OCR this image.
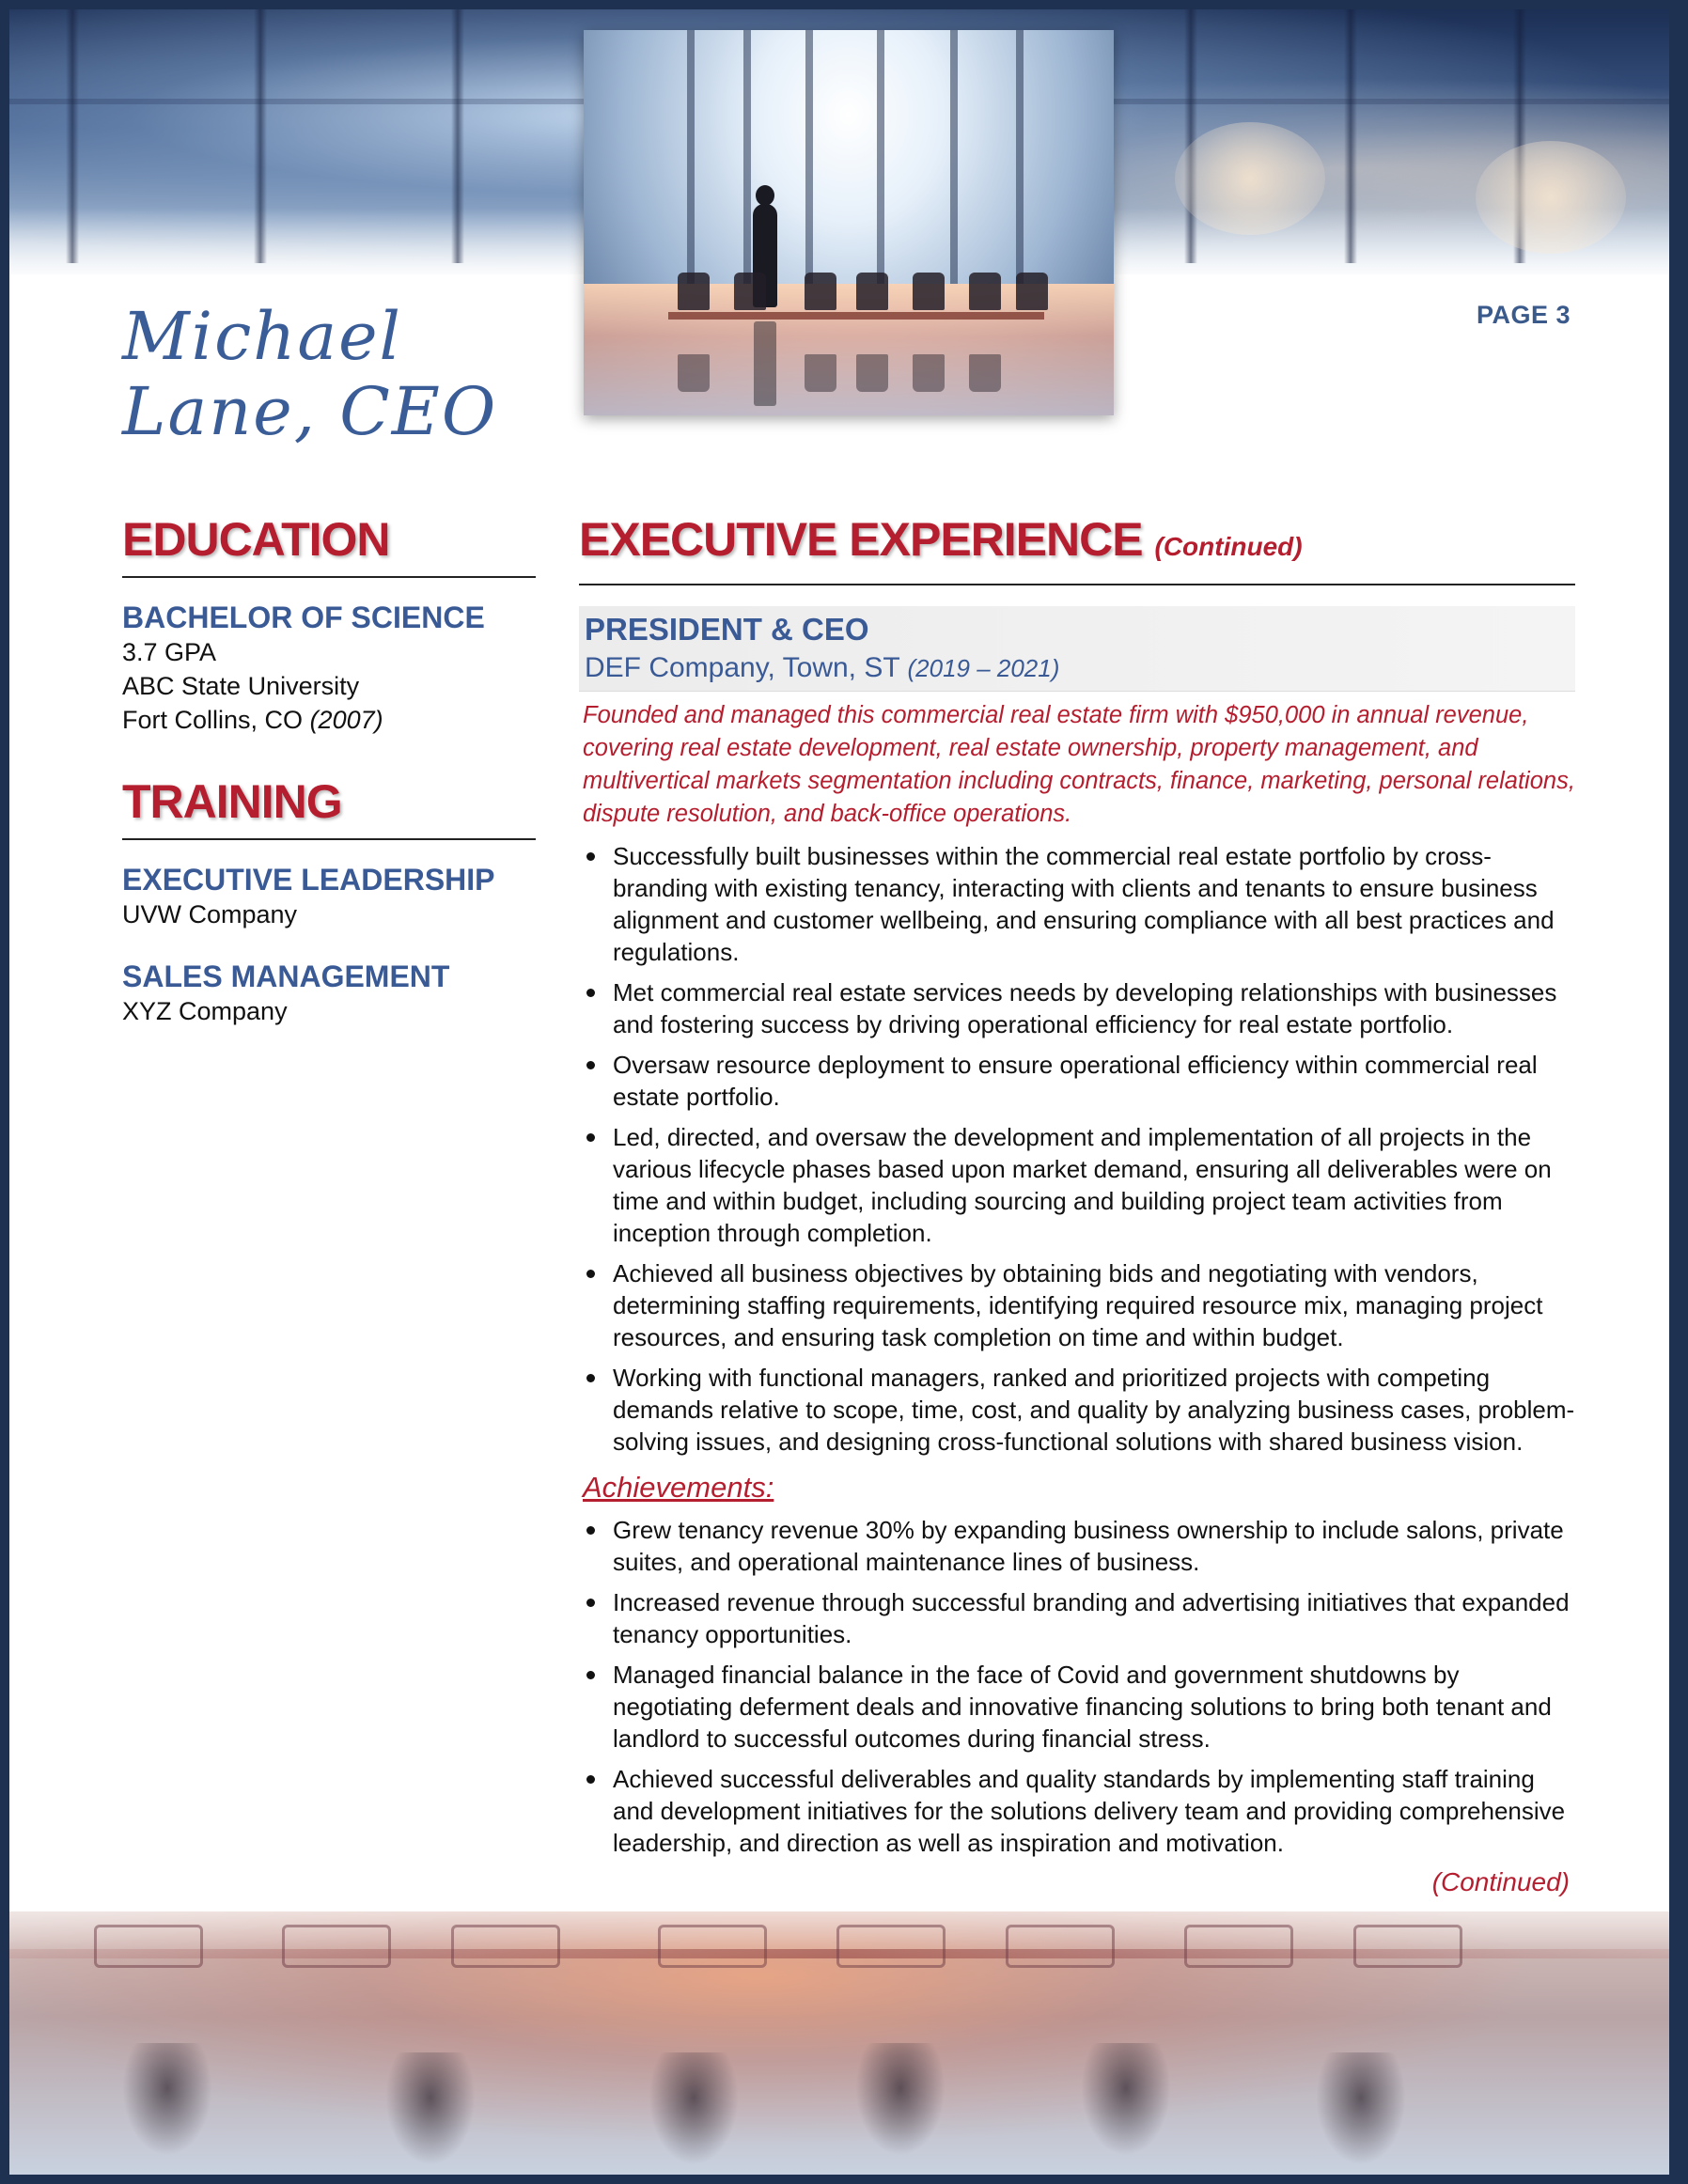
PAGE 3
Michael
Lane, CEO
EDUCATION
BACHELOR OF SCIENCE
3.7 GPA
ABC State University
Fort Collins, CO (2007)
TRAINING
EXECUTIVE LEADERSHIP
UVW Company
SALES MANAGEMENT
XYZ Company
EXECUTIVE EXPERIENCE (Continued)
PRESIDENT & CEO
DEF Company, Town, ST (2019 – 2021)
Founded and managed this commercial real estate firm with $950,000 in annual revenue, covering real estate development, real estate ownership, property management, and multivertical markets segmentation including contracts, finance, marketing, personal relations, dispute resolution, and back-office operations.
Successfully built businesses within the commercial real estate portfolio by cross-branding with existing tenancy, interacting with clients and tenants to ensure business alignment and customer wellbeing, and ensuring compliance with all best practices and regulations.
Met commercial real estate services needs by developing relationships with businesses and fostering success by driving operational efficiency for real estate portfolio.
Oversaw resource deployment to ensure operational efficiency within commercial real estate portfolio.
Led, directed, and oversaw the development and implementation of all projects in the various lifecycle phases based upon market demand, ensuring all deliverables were on time and within budget, including sourcing and building project team activities from inception through completion.
Achieved all business objectives by obtaining bids and negotiating with vendors, determining staffing requirements, identifying required resource mix, managing project resources, and ensuring task completion on time and within budget.
Working with functional managers, ranked and prioritized projects with competing demands relative to scope, time, cost, and quality by analyzing business cases, problem-solving issues, and designing cross-functional solutions with shared business vision.
Achievements:
Grew tenancy revenue 30% by expanding business ownership to include salons, private suites, and operational maintenance lines of business.
Increased revenue through successful branding and advertising initiatives that expanded tenancy opportunities.
Managed financial balance in the face of Covid and government shutdowns by negotiating deferment deals and innovative financing solutions to bring both tenant and landlord to successful outcomes during financial stress.
Achieved successful deliverables and quality standards by implementing staff training and development initiatives for the solutions delivery team and providing comprehensive leadership, and direction as well as inspiration and motivation.
(Continued)
